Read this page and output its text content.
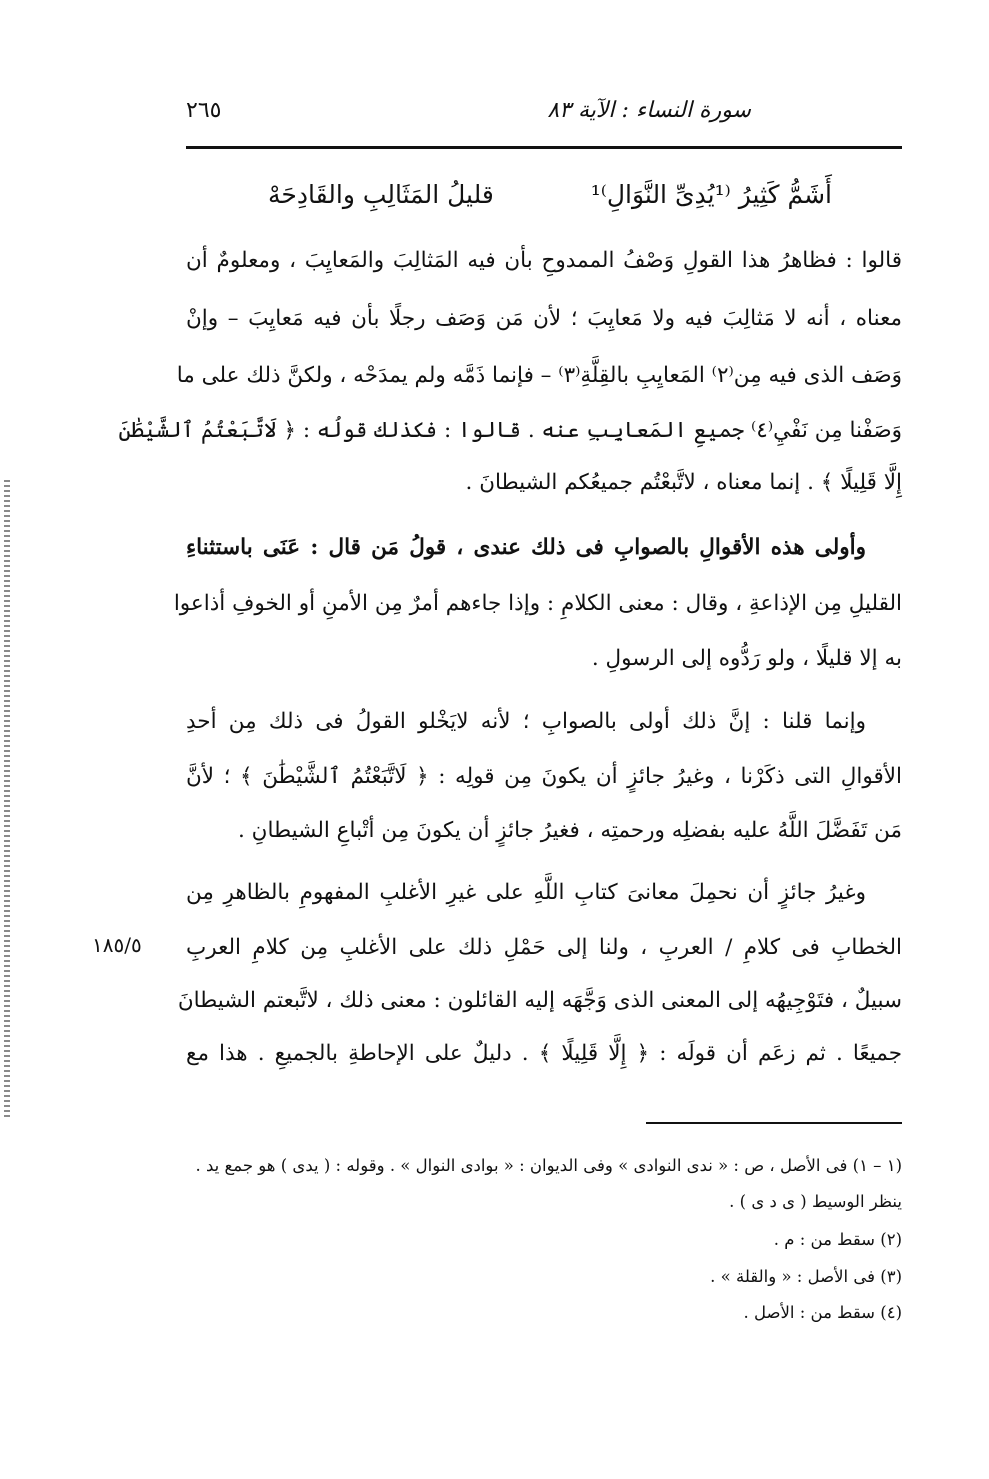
سورة النساء : الآية ٨٣
٢٦٥
أَشَمُّ كَثِيرُ ⁽¹يُدِىِّ النَّوَالِ⁾¹
قليلُ المَثَالِبِ والقَادِحَهْ
قالوا : فظاهرُ هذا القولِ وَصْفُ الممدوحِ بأن فيه المَثالِبَ والمَعايِبَ ، ومعلومٌ أن
معناه ، أنه لا مَثالِبَ فيه ولا مَعايِبَ ؛ لأن مَن وَصَف رجلًا بأن فيه مَعايِبَ – وإنْ
وَصَف الذى فيه مِن⁽٢⁾ المَعايِبِ بالقِلَّةِ⁽٣⁾ – فإنما ذَمَّه ولم يمدَحْه ، ولكنَّ ذلك على ما
وَصَفْنا مِن نَفْيِ⁽٤⁾ جميعِ المَعايِبِ عنه . قالوا : فكذلك قولُه : ﴿ لَاتَّبَعْتُمُ ٱلشَّيْطَٰنَ
إِلَّا قَلِيلًا ﴾ . إنما معناه ، لاتَّبعْتُم جميعُكم الشيطانَ .
وأولى هذه الأقوالِ بالصوابِ فى ذلك عندى ، قولُ مَن قال : عَنَى باستثناءِ
القليلِ مِن الإذاعةِ ، وقال : معنى الكلامِ : وإذا جاءهم أمرٌ مِن الأمنِ أو الخوفِ أذاعوا
به إلا قليلًا ، ولو رَدُّوه إلى الرسولِ .
وإنما قلنا : إنَّ ذلك أولى بالصوابِ ؛ لأنه لايَخْلو القولُ فى ذلك مِن أحدِ
الأقوالِ التى ذكَرْنا ، وغيرُ جائزٍ أن يكونَ مِن قولِه : ﴿ لَاتَّبَعْتُمُ ٱلشَّيْطَٰنَ ﴾ ؛ لأنَّ
مَن تَفَضَّلَ اللَّهُ عليه بفضلِه ورحمتِه ، فغيرُ جائزٍ أن يكونَ مِن أتْباعِ الشيطانِ .
وغيرُ جائزٍ أن نحمِلَ معانىَ كتابِ اللَّهِ على غيرِ الأغلبِ المفهومِ بالظاهرِ مِن
الخطابِ فى كلامِ / العربِ ، ولنا إلى حَمْلِ ذلك على الأغلبِ مِن كلامِ العربِ
سبيلٌ ، فتَوْجِيهُه إلى المعنى الذى وَجَّهَه إليه القائلون : معنى ذلك ، لاتَّبعتم الشيطانَ
جميعًا . ثم زعَم أن قولَه : ﴿ إِلَّا قَلِيلًا ﴾ . دليلٌ على الإحاطةِ بالجميعِ . هذا مع
١٨٥/٥
(١ – ١) فى الأصل ، ص : « ندى النوادى » وفى الديوان : « بوادى النوال » . وقوله : ( يدى ) هو جمع يد .
ينظر الوسيط ( ى د ى ) .
(٢) سقط من : م .
(٣) فى الأصل : « والقلة » .
(٤) سقط من : الأصل .
